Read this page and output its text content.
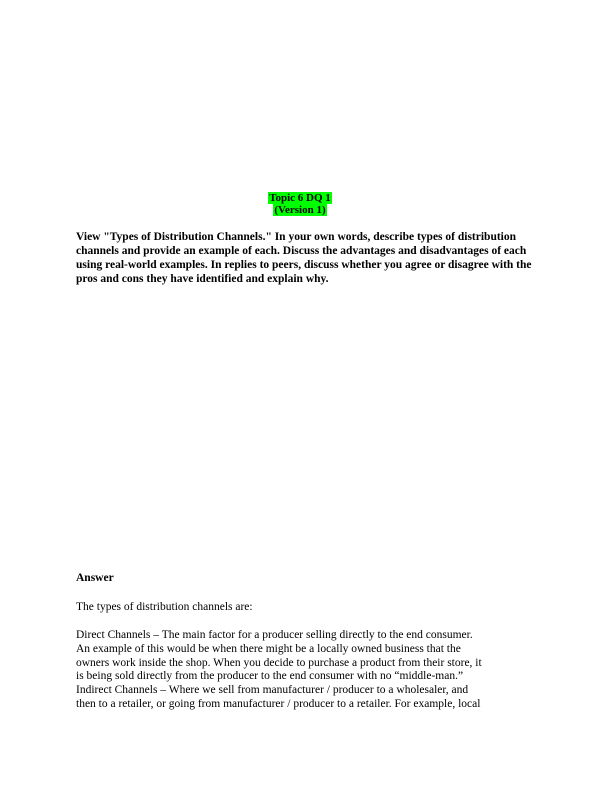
Topic 6 DQ 1
(Version 1)
View "Types of Distribution Channels." In your own words, describe types of distribution channels and provide an example of each. Discuss the advantages and disadvantages of each using real-world examples. In replies to peers, discuss whether you agree or disagree with the pros and cons they have identified and explain why.
Answer
The types of distribution channels are:
Direct Channels – The main factor for a producer selling directly to the end consumer.
An example of this would be when there might be a locally owned business that the
owners work inside the shop. When you decide to purchase a product from their store, it
is being sold directly from the producer to the end consumer with no “middle-man.”
Indirect Channels – Where we sell from manufacturer / producer to a wholesaler, and
then to a retailer, or going from manufacturer / producer to a retailer. For example, local
